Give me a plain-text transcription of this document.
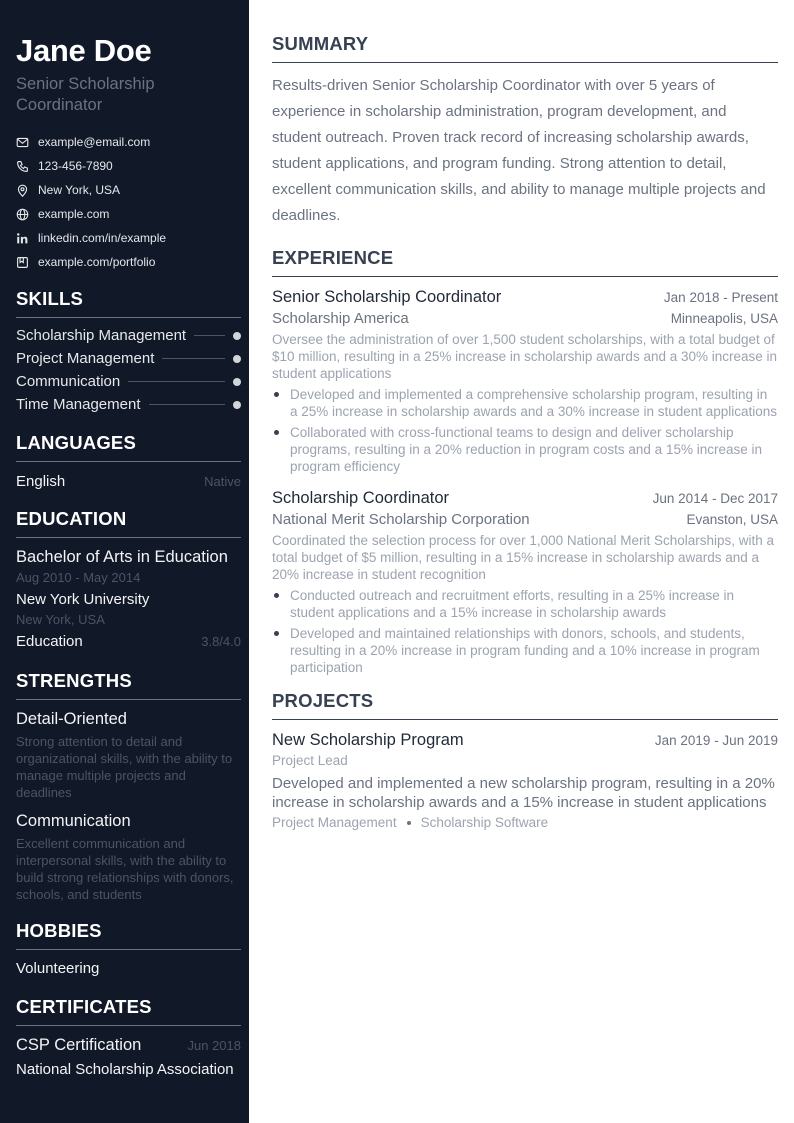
Jane Doe
Senior Scholarship Coordinator
example@email.com
123-456-7890
New York, USA
example.com
linkedin.com/in/example
example.com/portfolio
SKILLS
Scholarship Management
Project Management
Communication
Time Management
LANGUAGES
English	Native
EDUCATION
Bachelor of Arts in Education
Aug 2010 - May 2014
New York University
New York, USA
Education	3.8/4.0
STRENGTHS
Detail-Oriented
Strong attention to detail and organizational skills, with the ability to manage multiple projects and deadlines
Communication
Excellent communication and interpersonal skills, with the ability to build strong relationships with donors, schools, and students
HOBBIES
Volunteering
CERTIFICATES
CSP Certification	Jun 2018
National Scholarship Association
SUMMARY

Results-driven Senior Scholarship Coordinator with over 5 years of experience in scholarship administration, program development, and student outreach. Proven track record of increasing scholarship awards, student applications, and program funding. Strong attention to detail, excellent communication skills, and ability to manage multiple projects and deadlines.

EXPERIENCE
Senior Scholarship Coordinator	Jan 2018 - Present
Scholarship America	Minneapolis, USA

Oversee the administration of over 1,500 student scholarships, with a total budget of $10 million, resulting in a 25% increase in scholarship awards and a 30% increase in student applications

Developed and implemented a comprehensive scholarship program, resulting in a 25% increase in scholarship awards and a 30% increase in student applications
Collaborated with cross-functional teams to design and deliver scholarship programs, resulting in a 20% reduction in program costs and a 15% increase in program efficiency
Scholarship Coordinator	Jun 2014 - Dec 2017
National Merit Scholarship Corporation	Evanston, USA

Coordinated the selection process for over 1,000 National Merit Scholarships, with a total budget of $5 million, resulting in a 15% increase in scholarship awards and a 20% increase in student recognition

Conducted outreach and recruitment efforts, resulting in a 25% increase in student applications and a 15% increase in scholarship awards
Developed and maintained relationships with donors, schools, and students, resulting in a 20% increase in program funding and a 10% increase in program participation
PROJECTS
New Scholarship Program	Jan 2019 - Jun 2019
Project Lead

Developed and implemented a new scholarship program, resulting in a 20% increase in scholarship awards and a 15% increase in student applications

Project Management Scholarship Software
